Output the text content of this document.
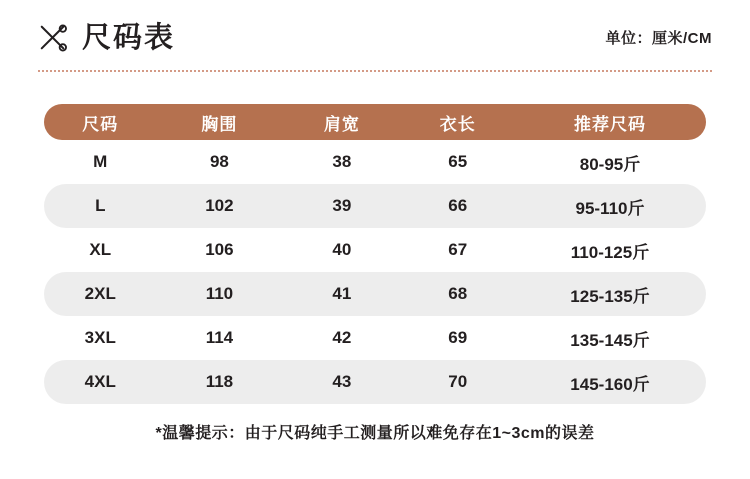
尺码表	单位：厘米/CM
尺码	胸围	肩宽	衣长	推荐尺码
M	98	38	65	80-95斤
L	102	39	66	95-110斤
XL	106	40	67	110-125斤
2XL	110	41	68	125-135斤
3XL	114	42	69	135-145斤
4XL	118	43	70	145-160斤
*温馨提示：由于尺码纯手工测量所以难免存在1~3cm的误差
